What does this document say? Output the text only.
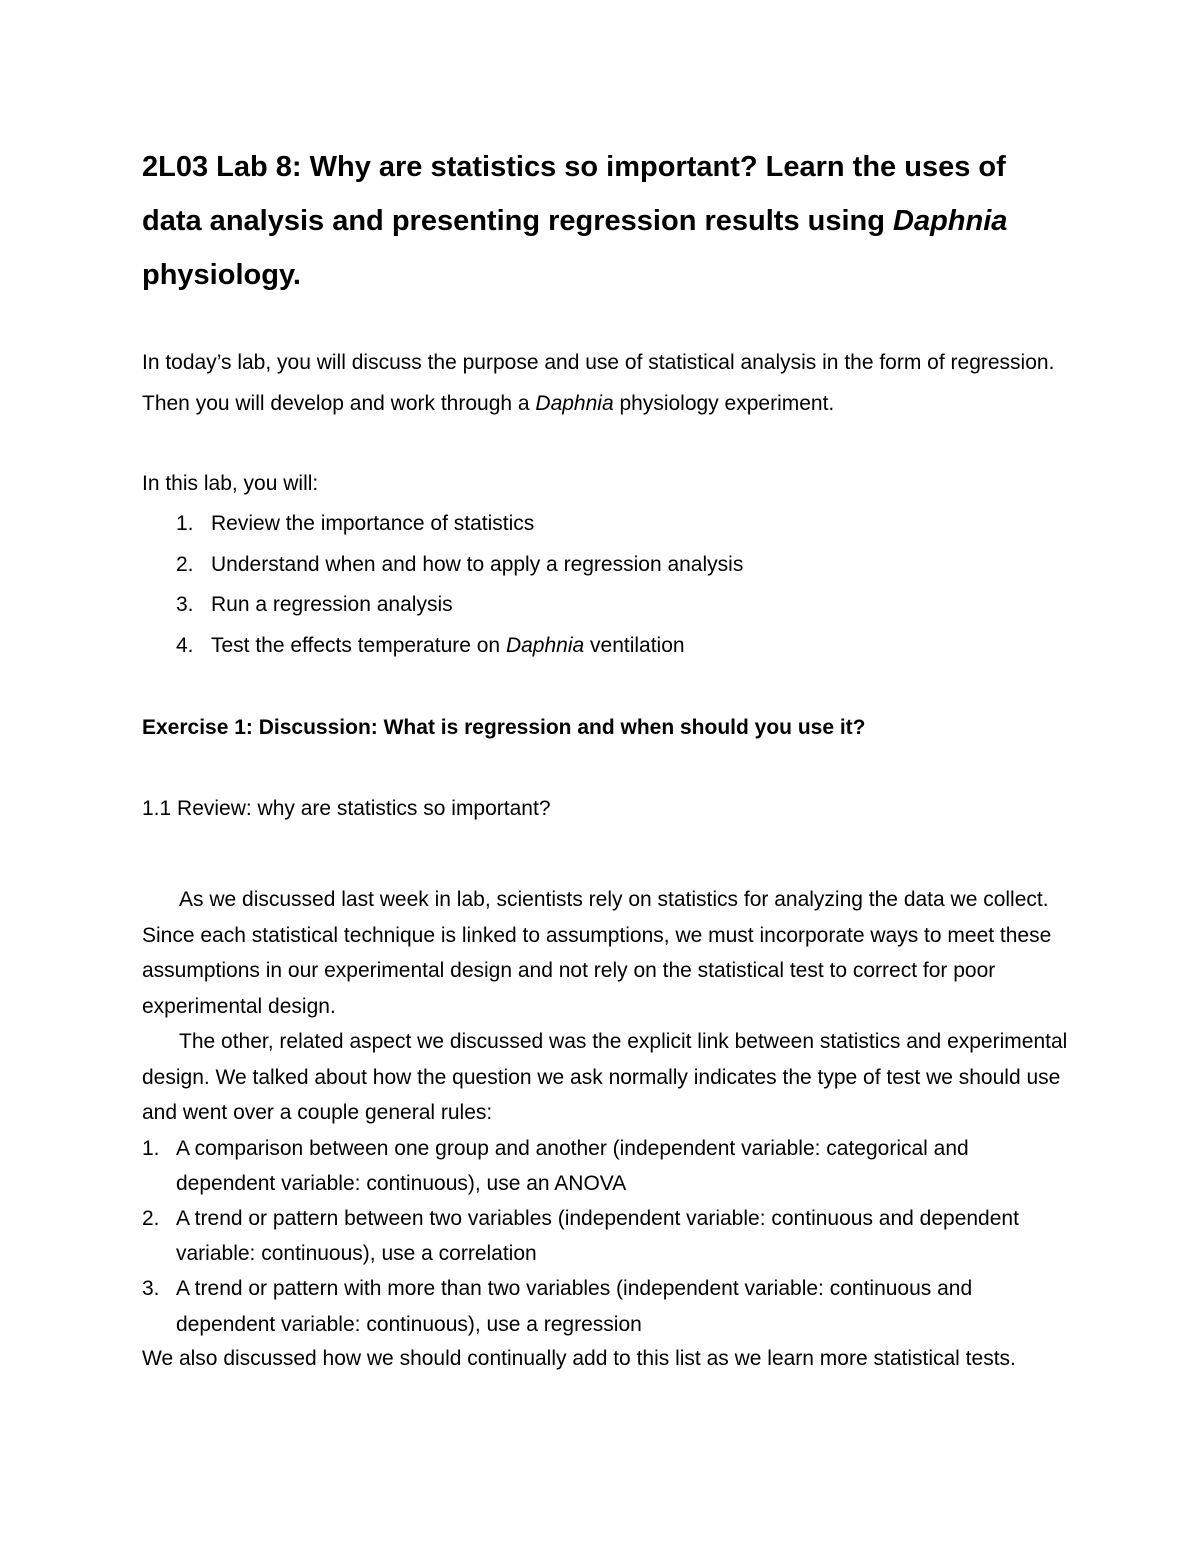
2L03 Lab 8: Why are statistics so important? Learn the uses of data analysis and presenting regression results using Daphnia physiology.

In today’s lab, you will discuss the purpose and use of statistical analysis in the form of regression. Then you will develop and work through a Daphnia physiology experiment.

In this lab, you will:

1. Review the importance of statistics
2. Understand when and how to apply a regression analysis
3. Run a regression analysis
4. Test the effects temperature on Daphnia ventilation
Exercise 1: Discussion: What is regression and when should you use it?

1.1 Review: why are statistics so important?

As we discussed last week in lab, scientists rely on statistics for analyzing the data we collect. Since each statistical technique is linked to assumptions, we must incorporate ways to meet these assumptions in our experimental design and not rely on the statistical test to correct for poor experimental design.

The other, related aspect we discussed was the explicit link between statistics and experimental design. We talked about how the question we ask normally indicates the type of test we should use and went over a couple general rules:

1. A comparison between one group and another (independent variable: categorical and dependent variable: continuous), use an ANOVA
2. A trend or pattern between two variables (independent variable: continuous and dependent variable: continuous), use a correlation
3. A trend or pattern with more than two variables (independent variable: continuous and dependent variable: continuous), use a regression

We also discussed how we should continually add to this list as we learn more statistical tests.
